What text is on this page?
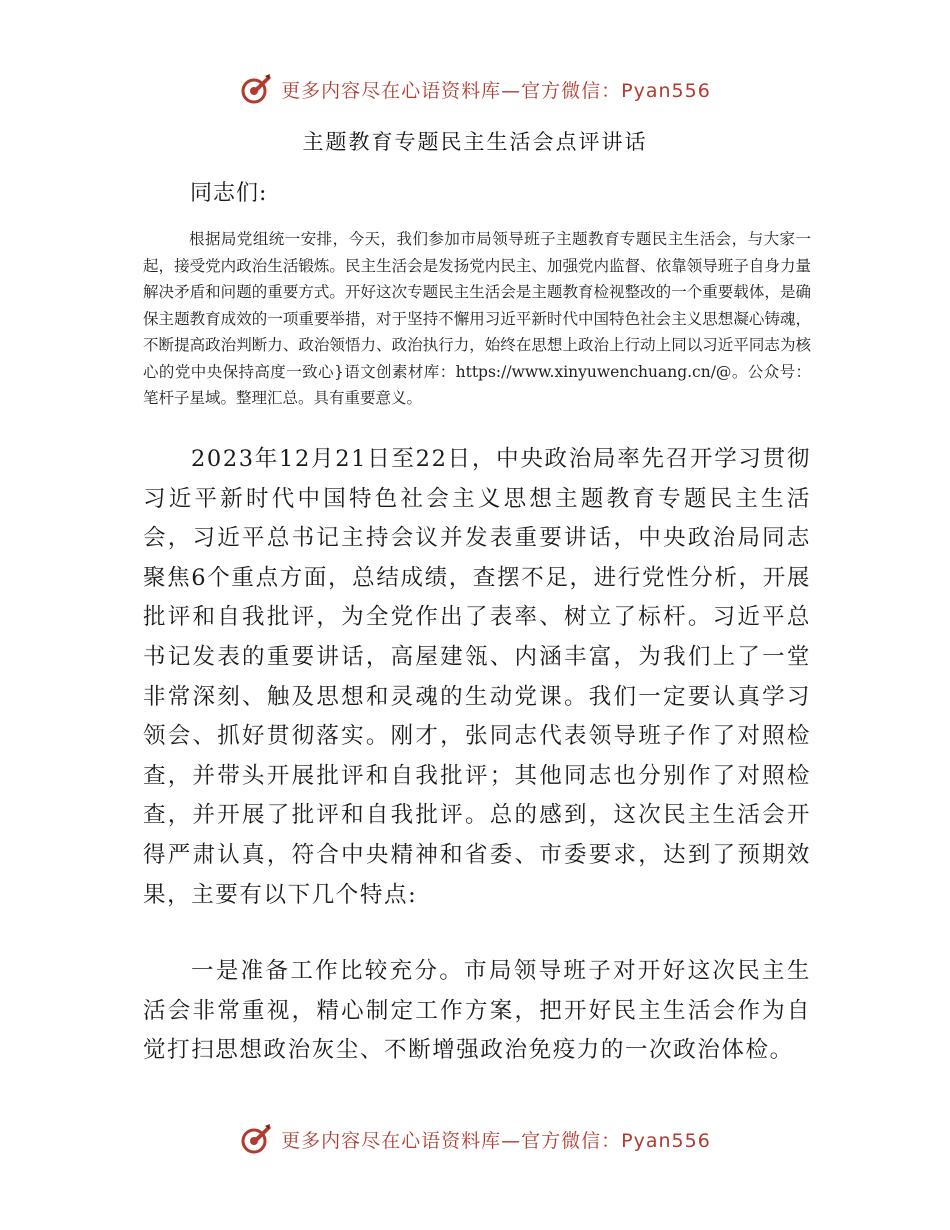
更多内容尽在心语资料库—官方微信：Pyan556
主题教育专题民主生活会点评讲话
同志们:

根据局党组统一安排，今天，我们参加市局领导班子主题教育专题民主生活会，与大家一起，接受党内政治生活锻炼。民主生活会是发扬党内民主、加强党内监督、依靠领导班子自身力量解决矛盾和问题的重要方式。开好这次专题民主生活会是主题教育检视整改的一个重要载体，是确保主题教育成效的一项重要举措，对于坚持不懈用习近平新时代中国特色社会主义思想凝心铸魂，不断提高政治判断力、政治领悟力、政治执行力，始终在思想上政治上行动上同以习近平同志为核心的党中央保持高度一致心}语文创素材库：https://www.xinyuwenchuang.cn/@。公众号：笔杆子星域。整理汇总。具有重要意义。

2023年12月21日至22日，中央政治局率先召开学习贯彻习近平新时代中国特色社会主义思想主题教育专题民主生活会，习近平总书记主持会议并发表重要讲话，中央政治局同志聚焦6个重点方面，总结成绩，查摆不足，进行党性分析，开展批评和自我批评，为全党作出了表率、树立了标杆。习近平总书记发表的重要讲话，高屋建瓴、内涵丰富，为我们上了一堂非常深刻、触及思想和灵魂的生动党课。我们一定要认真学习领会、抓好贯彻落实。刚才，张同志代表领导班子作了对照检查，并带头开展批评和自我批评；其他同志也分别作了对照检查，并开展了批评和自我批评。总的感到，这次民主生活会开得严肃认真，符合中央精神和省委、市委要求，达到了预期效果，主要有以下几个特点:

一是准备工作比较充分。市局领导班子对开好这次民主生活会非常重视，精心制定工作方案，把开好民主生活会作为自觉打扫思想政治灰尘、不断增强政治免疫力的一次政治体检。

更多内容尽在心语资料库—官方微信：Pyan556
